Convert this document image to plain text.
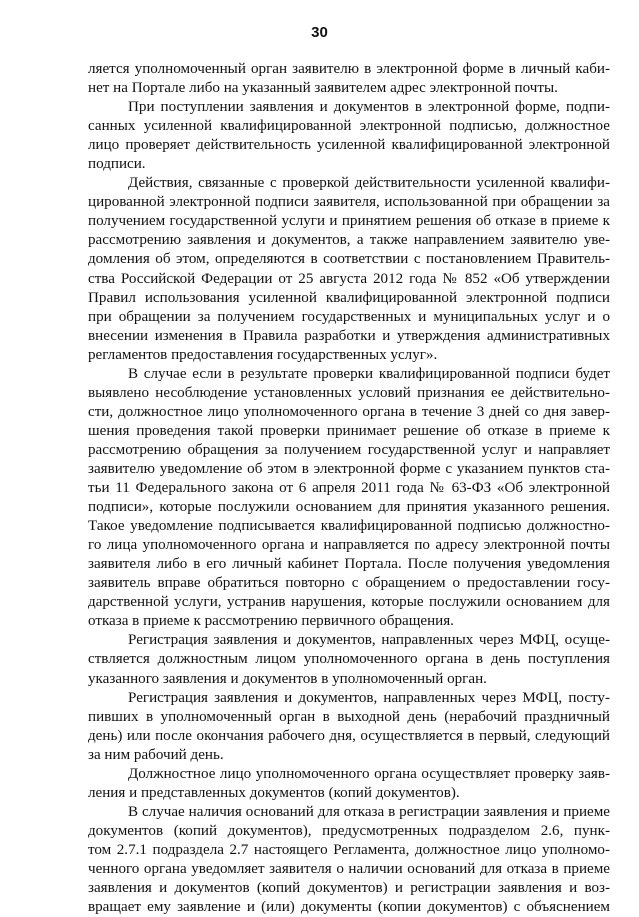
30
ляется уполномоченный орган заявителю в электронной форме в личный каби-
нет на Портале либо на указанный заявителем адрес электронной почты.
При поступлении заявления и документов в электронной форме, подпи-
санных усиленной квалифицированной электронной подписью, должностное
лицо проверяет действительность усиленной квалифицированной электронной
подписи.
Действия, связанные с проверкой действительности усиленной квалифи-
цированной электронной подписи заявителя, использованной при обращении за
получением государственной услуги и принятием решения об отказе в приеме к
рассмотрению заявления и документов, а также направлением заявителю уве-
домления об этом, определяются в соответствии с постановлением Правитель-
ства Российской Федерации от 25 августа 2012 года № 852 «Об утверждении
Правил использования усиленной квалифицированной электронной подписи
при обращении за получением государственных и муниципальных услуг и о
внесении изменения в Правила разработки и утверждения административных
регламентов предоставления государственных услуг».
В случае если в результате проверки квалифицированной подписи будет
выявлено несоблюдение установленных условий признания ее действительно-
сти, должностное лицо уполномоченного органа в течение 3 дней со дня завер-
шения проведения такой проверки принимает решение об отказе в приеме к
рассмотрению обращения за получением государственной услуг и направляет
заявителю уведомление об этом в электронной форме с указанием пунктов ста-
тьи 11 Федерального закона от 6 апреля 2011 года № 63-ФЗ «Об электронной
подписи», которые послужили основанием для принятия указанного решения.
Такое уведомление подписывается квалифицированной подписью должностно-
го лица уполномоченного органа и направляется по адресу электронной почты
заявителя либо в его личный кабинет Портала. После получения уведомления
заявитель вправе обратиться повторно с обращением о предоставлении госу-
дарственной услуги, устранив нарушения, которые послужили основанием для
отказа в приеме к рассмотрению первичного обращения.
Регистрация заявления и документов, направленных через МФЦ, осуще-
ствляется должностным лицом уполномоченного органа в день поступления
указанного заявления и документов в уполномоченный орган.
Регистрация заявления и документов, направленных через МФЦ, посту-
пивших в уполномоченный орган в выходной день (нерабочий праздничный
день) или после окончания рабочего дня, осуществляется в первый, следующий
за ним рабочий день.
Должностное лицо уполномоченного органа осуществляет проверку заяв-
ления и представленных документов (копий документов).
В случае наличия оснований для отказа в регистрации заявления и приеме
документов (копий документов), предусмотренных подразделом 2.6, пунк-
том 2.7.1 подраздела 2.7 настоящего Регламента, должностное лицо уполномо-
ченного органа уведомляет заявителя о наличии оснований для отказа в приеме
заявления и документов (копий документов) и регистрации заявления и воз-
вращает ему заявление и (или) документы (копии документов) с объяснением
